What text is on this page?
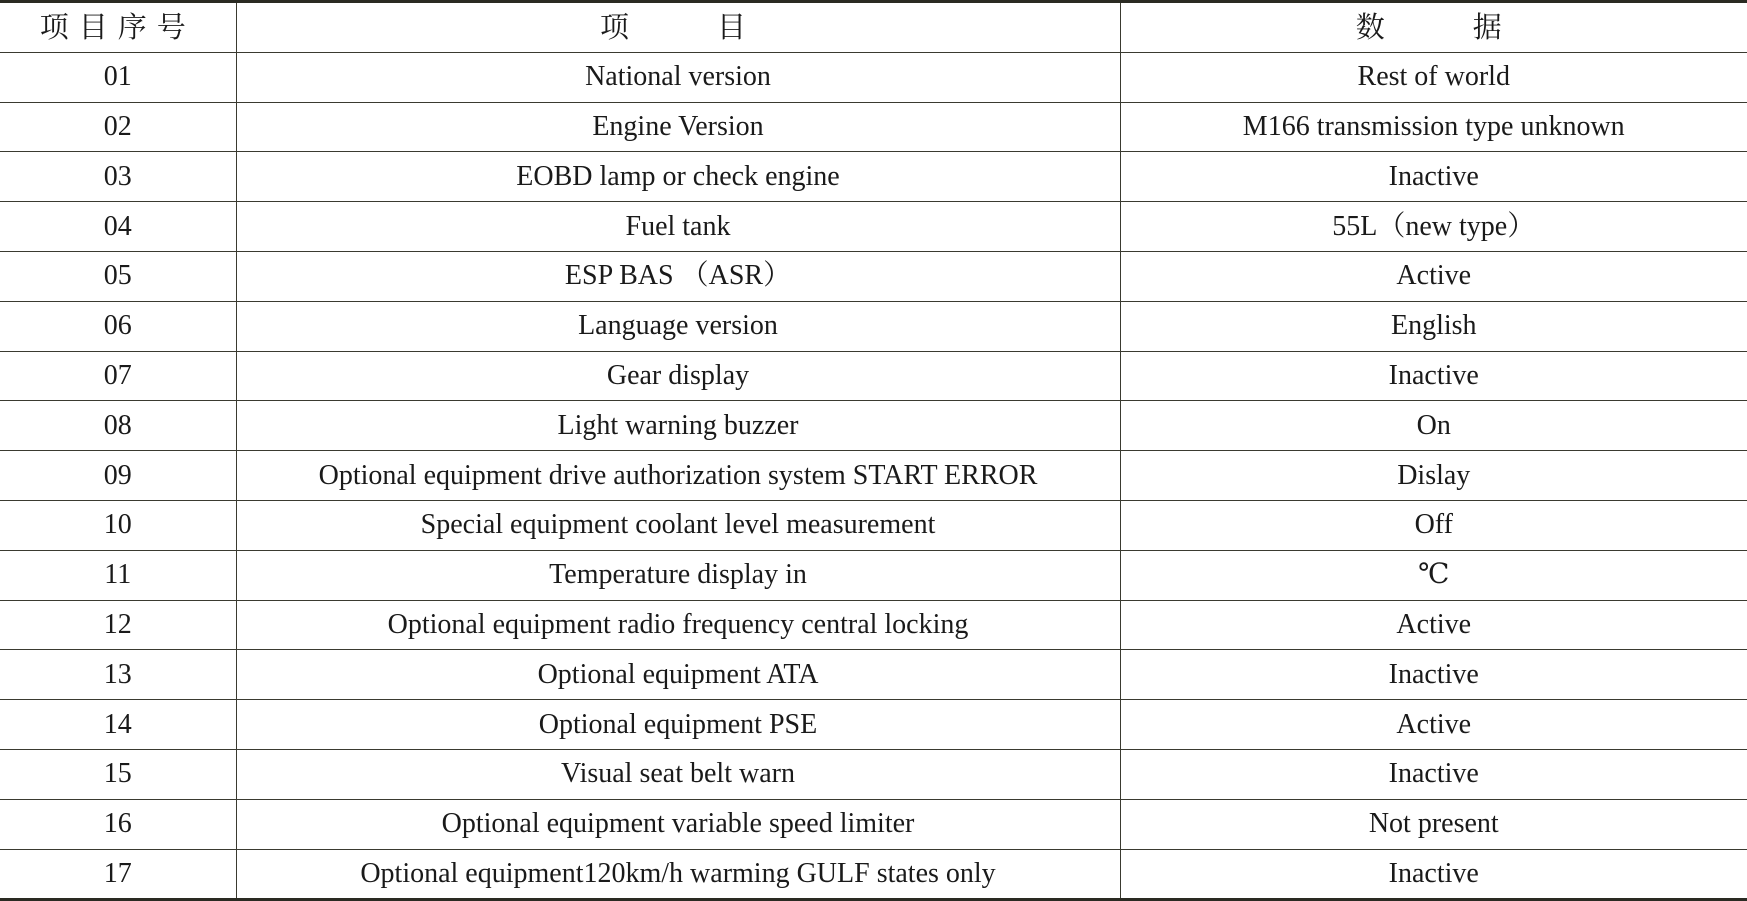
项目序号	项　　目	数　　据
01	National version	Rest of world
02	Engine Version	M166 transmission type unknown
03	EOBD lamp or check engine	Inactive
04	Fuel tank	55L（new type）
05	ESP BAS （ASR）	Active
06	Language version	English
07	Gear display	Inactive
08	Light warning buzzer	On
09	Optional equipment drive authorization system START ERROR	Dislay
10	Special equipment coolant level measurement	Off
11	Temperature display in	℃
12	Optional equipment radio frequency central locking	Active
13	Optional equipment ATA	Inactive
14	Optional equipment PSE	Active
15	Visual seat belt warn	Inactive
16	Optional equipment variable speed limiter	Not present
17	Optional equipment120km/h warming GULF states only	Inactive
